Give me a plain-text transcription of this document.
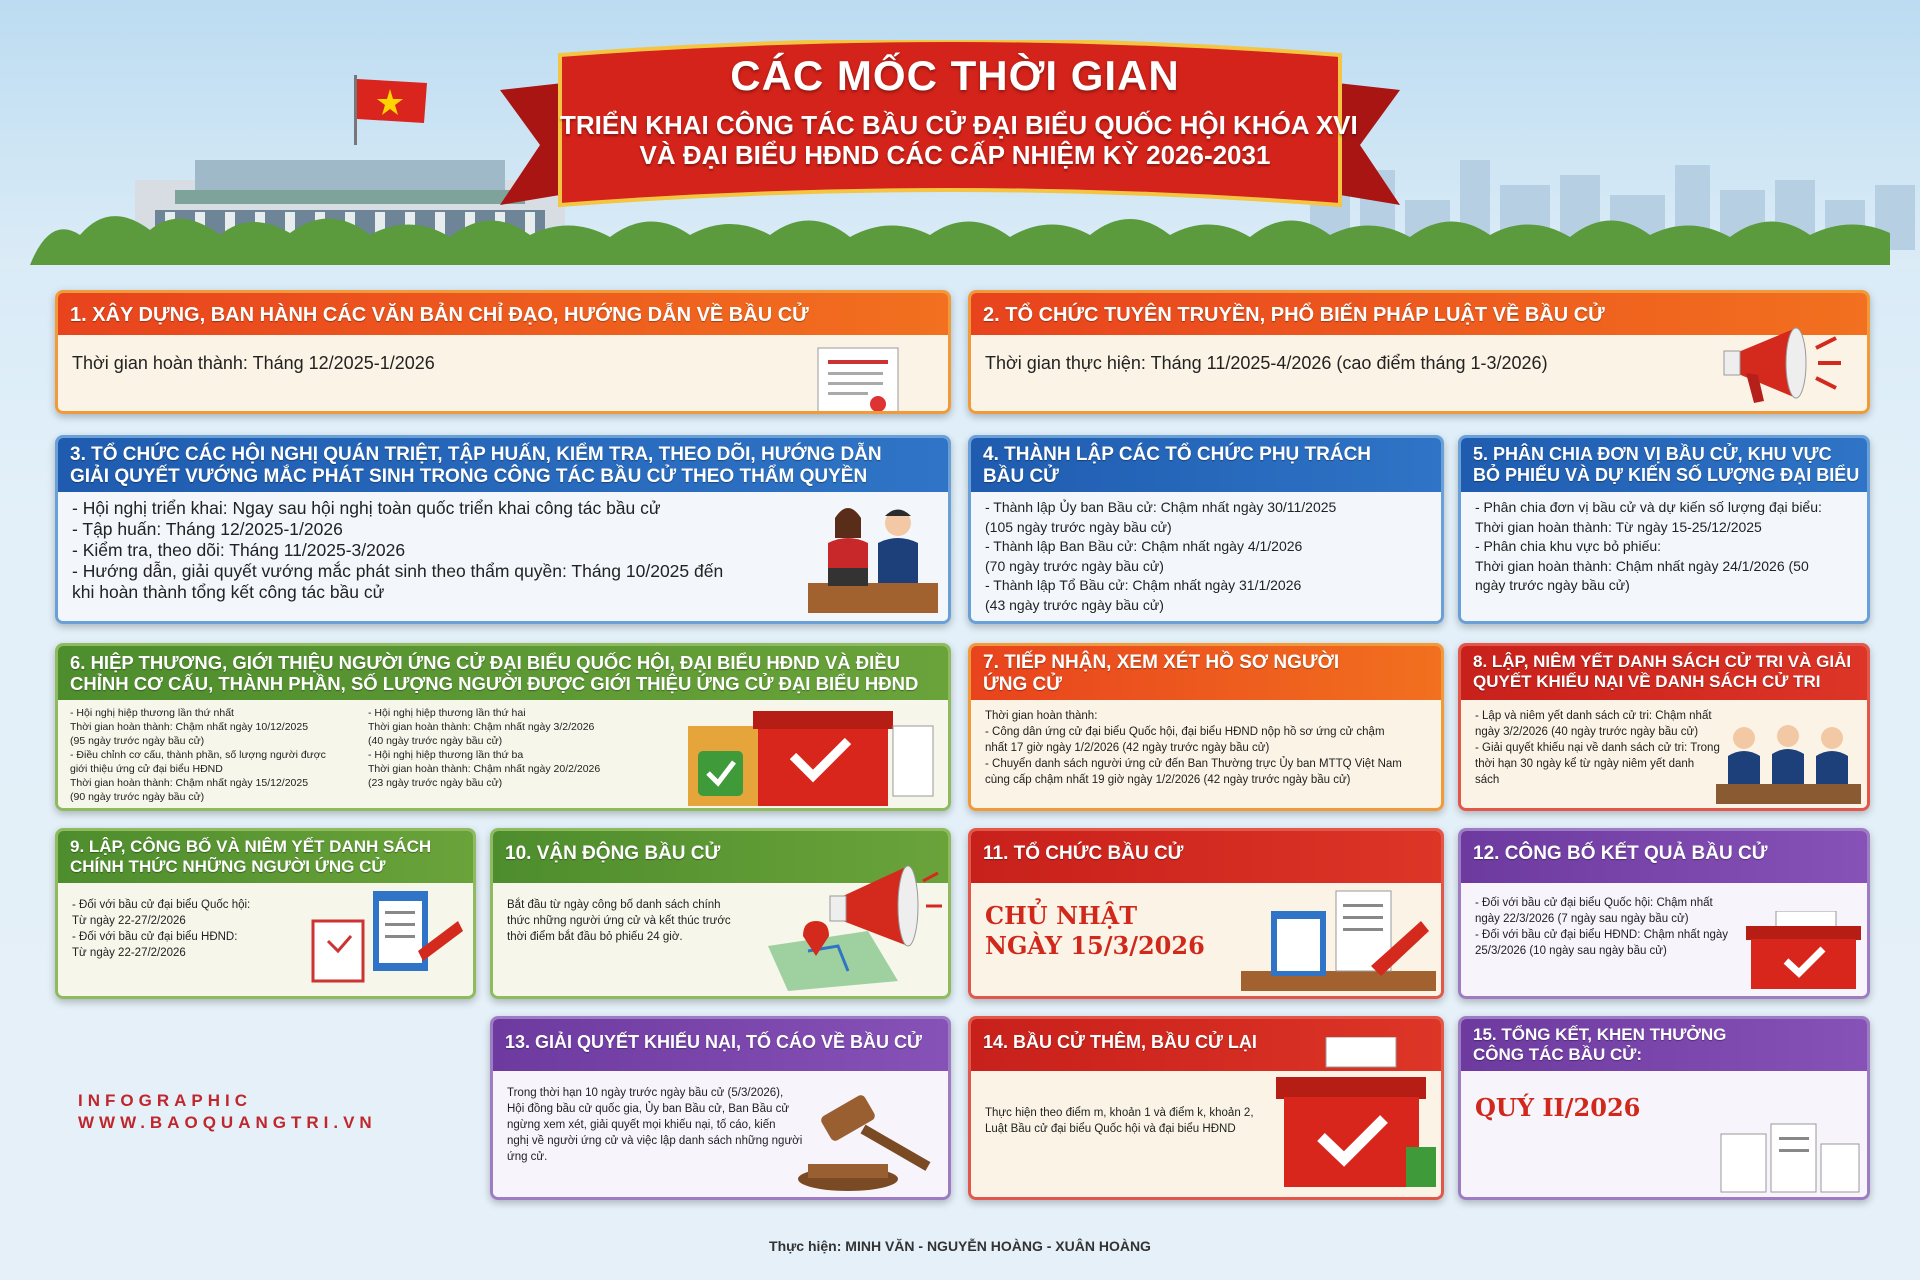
CÁC MỐC THỜI GIAN
TRIỂN KHAI CÔNG TÁC BẦU CỬ ĐẠI BIỂU QUỐC HỘI KHÓA XVI
VÀ ĐẠI BIỂU HĐND CÁC CẤP NHIỆM KỲ 2026-2031
1. XÂY DỰNG, BAN HÀNH CÁC VĂN BẢN CHỈ ĐẠO, HƯỚNG DẪN VỀ BẦU CỬ
Thời gian hoàn thành: Tháng 12/2025-1/2026
2. TỔ CHỨC TUYÊN TRUYỀN, PHỔ BIẾN PHÁP LUẬT VỀ BẦU CỬ
Thời gian thực hiện: Tháng 11/2025-4/2026 (cao điểm tháng 1-3/2026)
3. TỔ CHỨC CÁC HỘI NGHỊ QUÁN TRIỆT, TẬP HUẤN, KIỂM TRA, THEO DÕI, HƯỚNG DẪN
GIẢI QUYẾT VƯỚNG MẮC PHÁT SINH TRONG CÔNG TÁC BẦU CỬ THEO THẨM QUYỀN
- Hội nghị triển khai: Ngay sau hội nghị toàn quốc triển khai công tác bầu cử
- Tập huấn: Tháng 12/2025-1/2026
- Kiểm tra, theo dõi: Tháng 11/2025-3/2026
- Hướng dẫn, giải quyết vướng mắc phát sinh theo thẩm quyền: Tháng 10/2025 đến
khi hoàn thành tổng kết công tác bầu cử
4. THÀNH LẬP CÁC TỔ CHỨC PHỤ TRÁCH
BẦU CỬ
- Thành lập Ủy ban Bầu cử: Chậm nhất ngày 30/11/2025
(105 ngày trước ngày bầu cử)
- Thành lập Ban Bầu cử: Chậm nhất ngày 4/1/2026
(70 ngày trước ngày bầu cử)
- Thành lập Tổ Bầu cử: Chậm nhất ngày 31/1/2026
(43 ngày trước ngày bầu cử)
5. PHÂN CHIA ĐƠN VỊ BẦU CỬ, KHU VỰC
BỎ PHIẾU VÀ DỰ KIẾN SỐ LƯỢNG ĐẠI BIỂU
- Phân chia đơn vị bầu cử và dự kiến số lượng đại biểu:
Thời gian hoàn thành: Từ ngày 15-25/12/2025
- Phân chia khu vực bỏ phiếu:
Thời gian hoàn thành: Chậm nhất ngày 24/1/2026 (50
ngày trước ngày bầu cử)
6. HIỆP THƯƠNG, GIỚI THIỆU NGƯỜI ỨNG CỬ ĐẠI BIỂU QUỐC HỘI, ĐẠI BIỂU HĐND VÀ ĐIỀU
CHỈNH CƠ CẤU, THÀNH PHẦN, SỐ LƯỢNG NGƯỜI ĐƯỢC GIỚI THIỆU ỨNG CỬ ĐẠI BIỂU HĐND
- Hội nghị hiệp thương lần thứ nhất
Thời gian hoàn thành: Chậm nhất ngày 10/12/2025
(95 ngày trước ngày bầu cử)
- Điều chỉnh cơ cấu, thành phần, số lượng người được
giới thiệu ứng cử đại biểu HĐND
Thời gian hoàn thành: Chậm nhất ngày 15/12/2025
(90 ngày trước ngày bầu cử)
- Hội nghị hiệp thương lần thứ hai
Thời gian hoàn thành: Chậm nhất ngày 3/2/2026
(40 ngày trước ngày bầu cử)
- Hội nghị hiệp thương lần thứ ba
Thời gian hoàn thành: Chậm nhất ngày 20/2/2026
(23 ngày trước ngày bầu cử)
7. TIẾP NHẬN, XEM XÉT HỒ SƠ NGƯỜI
ỨNG CỬ
Thời gian hoàn thành:
- Công dân ứng cử đại biểu Quốc hội, đại biểu HĐND nộp hồ sơ ứng cử chậm
nhất 17 giờ ngày 1/2/2026 (42 ngày trước ngày bầu cử)
- Chuyển danh sách người ứng cử đến Ban Thường trực Ủy ban MTTQ Việt Nam
cùng cấp chậm nhất 19 giờ ngày 1/2/2026 (42 ngày trước ngày bầu cử)
8. LẬP, NIÊM YẾT DANH SÁCH CỬ TRI VÀ GIẢI
QUYẾT KHIẾU NẠI VỀ DANH SÁCH CỬ TRI
- Lập và niêm yết danh sách cử tri: Chậm nhất
ngày 3/2/2026 (40 ngày trước ngày bầu cử)
- Giải quyết khiếu nại về danh sách cử tri: Trong
thời hạn 30 ngày kể từ ngày niêm yết danh
sách
9. LẬP, CÔNG BỐ VÀ NIÊM YẾT DANH SÁCH
CHÍNH THỨC NHỮNG NGƯỜI ỨNG CỬ
- Đối với bầu cử đại biểu Quốc hội:
Từ ngày 22-27/2/2026
- Đối với bầu cử đại biểu HĐND:
Từ ngày 22-27/2/2026
10. VẬN ĐỘNG BẦU CỬ
Bắt đầu từ ngày công bố danh sách chính
thức những người ứng cử và kết thúc trước
thời điểm bắt đầu bỏ phiếu 24 giờ.
11. TỔ CHỨC BẦU CỬ
CHỦ NHẬT
NGÀY 15/3/2026
12. CÔNG BỐ KẾT QUẢ BẦU CỬ
- Đối với bầu cử đại biểu Quốc hội: Chậm nhất
ngày 22/3/2026 (7 ngày sau ngày bầu cử)
- Đối với bầu cử đại biểu HĐND: Chậm nhất ngày
25/3/2026 (10 ngày sau ngày bầu cử)
13. GIẢI QUYẾT KHIẾU NẠI, TỐ CÁO VỀ BẦU CỬ
Trong thời hạn 10 ngày trước ngày bầu cử (5/3/2026),
Hội đồng bầu cử quốc gia, Ủy ban Bầu cử, Ban Bầu cử
ngừng xem xét, giải quyết mọi khiếu nại, tố cáo, kiến
nghị về người ứng cử và việc lập danh sách những người
ứng cử.
14. BẦU CỬ THÊM, BẦU CỬ LẠI
Thực hiện theo điểm m, khoản 1 và điểm k, khoản 2,
Luật Bầu cử đại biểu Quốc hội và đại biểu HĐND
15. TỔNG KẾT, KHEN THƯỞNG
CÔNG TÁC BẦU CỬ:
QUÝ II/2026
INFOGRAPHIC
WWW.BAOQUANGTRI.VN
Thực hiện: MINH VĂN - NGUYỄN HOÀNG - XUÂN HOÀNG
